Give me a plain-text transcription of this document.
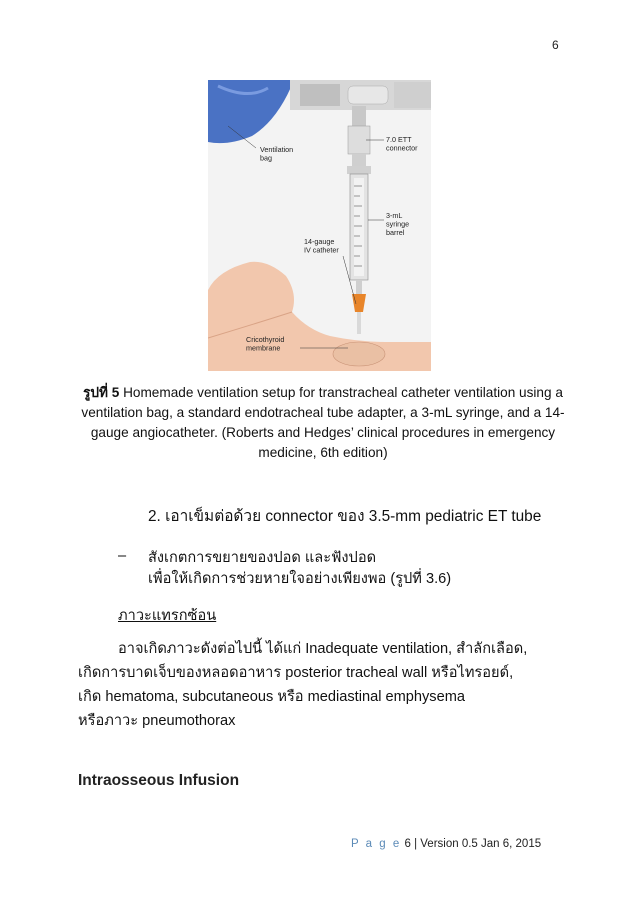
6
Ventilation bag
7.0 ETT connector
3-mL syringe barrel
14-gauge IV catheter
Cricothyroid membrane
รูปที่ 5 Homemade ventilation setup for transtracheal catheter ventilation using a ventilation bag, a standard endotracheal tube adapter, a 3-mL syringe, and a 14-gauge angiocatheter. (Roberts and Hedges’ clinical procedures in emergency medicine, 6th edition)
2. เอาเข็มต่อด้วย connector ของ 3.5-mm pediatric ET tube
– สังเกตการขยายของปอด และฟังปอด
เพื่อให้เกิดการช่วยหายใจอย่างเพียงพอ (รูปที่ 3.6)
ภาวะแทรกซ้อน
อาจเกิดภาวะดังต่อไปนี้ ได้แก่ Inadequate ventilation, สำลักเลือด,
เกิดการบาดเจ็บของหลอดอาหาร posterior tracheal wall หรือไทรอยด์,
เกิด hematoma, subcutaneous หรือ mediastinal emphysema
หรือภาวะ pneumothorax
Intraosseous Infusion
P a g e 6 | Version 0.5 Jan 6, 2015
